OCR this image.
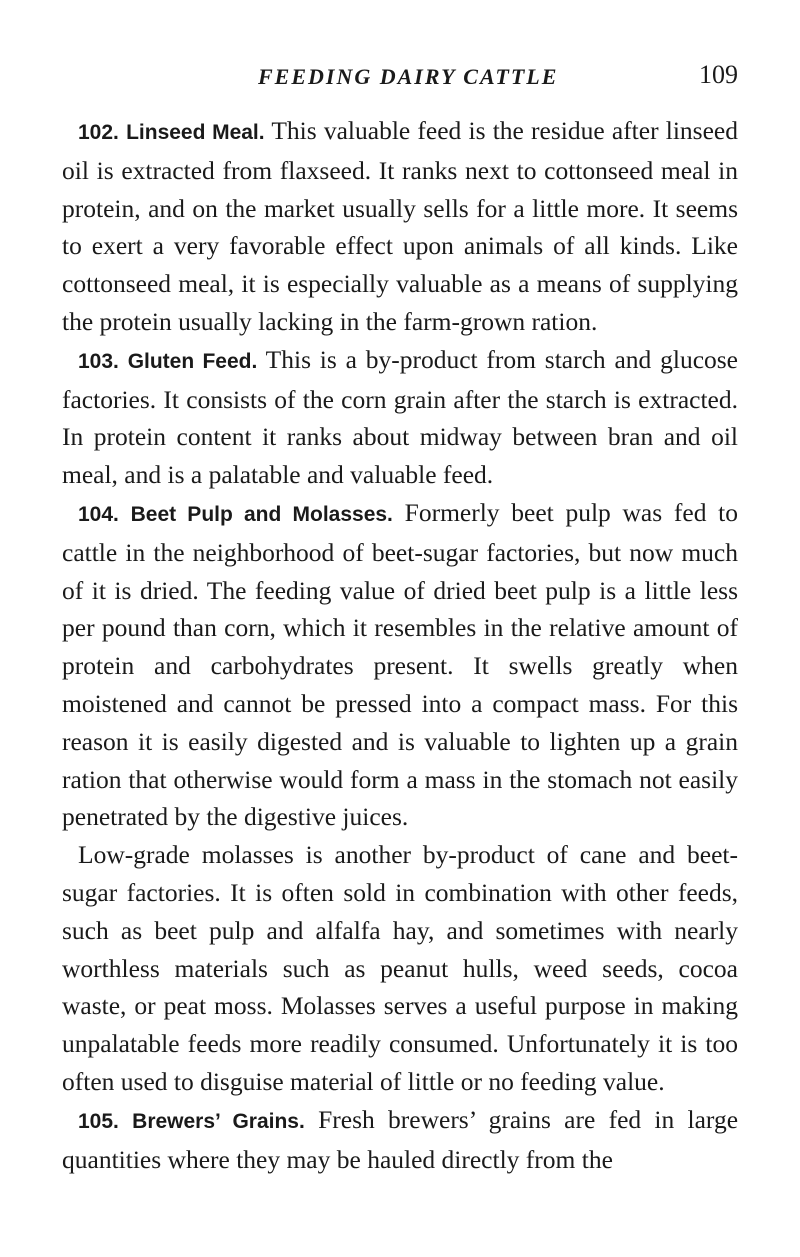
FEEDING DAIRY CATTLE	109

102. Linseed Meal. This valuable feed is the residue after linseed oil is extracted from flaxseed. It ranks next to cottonseed meal in protein, and on the market usually sells for a little more. It seems to exert a very favorable effect upon animals of all kinds. Like cottonseed meal, it is especially valuable as a means of supplying the protein usually lacking in the farm-grown ration.

103. Gluten Feed. This is a by-product from starch and glucose factories. It consists of the corn grain after the starch is extracted. In protein content it ranks about midway between bran and oil meal, and is a palatable and valuable feed.

104. Beet Pulp and Molasses. Formerly beet pulp was fed to cattle in the neighborhood of beet-sugar factories, but now much of it is dried. The feeding value of dried beet pulp is a little less per pound than corn, which it resembles in the relative amount of protein and carbohydrates present. It swells greatly when moistened and cannot be pressed into a compact mass. For this reason it is easily digested and is valuable to lighten up a grain ration that otherwise would form a mass in the stomach not easily penetrated by the digestive juices.

Low-grade molasses is another by-product of cane and beet-sugar factories. It is often sold in combination with other feeds, such as beet pulp and alfalfa hay, and sometimes with nearly worthless materials such as peanut hulls, weed seeds, cocoa waste, or peat moss. Molasses serves a useful purpose in making unpalatable feeds more readily consumed. Unfortunately it is too often used to disguise material of little or no feeding value.

105. Brewers’ Grains. Fresh brewers’ grains are fed in large quantities where they may be hauled directly from the
